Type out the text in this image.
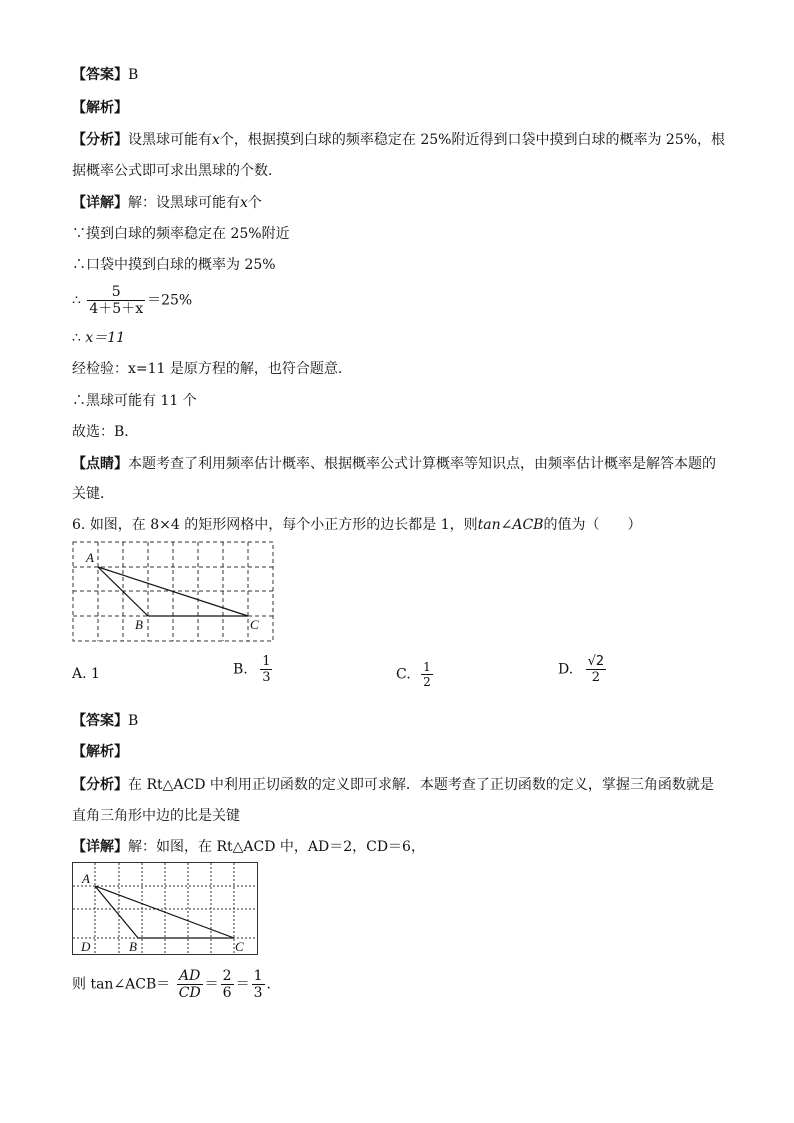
【答案】B
【解析】
【分析】设黑球可能有x个，根据摸到白球的频率稳定在 25%附近得到口袋中摸到白球的概率为 25%，根
据概率公式即可求出黑球的个数．
【详解】解：设黑球可能有x个
∵摸到白球的频率稳定在 25%附近
∴口袋中摸到白球的概率为 25%
∴ $\frac{5}{4+5+x} =25\%$
∴ x＝11
经检验：x=11 是原方程的解，也符合题意.
∴黑球可能有 11 个
故选：B．
【点睛】本题考查了利用频率估计概率、根据概率公式计算概率等知识点，由频率估计概率是解答本题的
关键．
6. 如图，在 8×4 的矩形网格中，每个小正方形的边长都是 1，则tan∠ACB的值为（　　）
A
B	C
A. 1	B. $\frac{1}{3}$	C. $\frac{1}{2}$	D. $\frac{√2}{2}$
【答案】B
【解析】
【分析】在 Rt△ACD 中利用正切函数的定义即可求解．本题考查了正切函数的定义，掌握三角函数就是
直角三角形中边的比是关键
【详解】解：如图，在 Rt△ACD 中，AD＝2，CD＝6，
A
D	B	C
则 tan∠ACB＝ $\frac{AD}{CD} = \frac{2}{6} = \frac{1}{3}$ ．
